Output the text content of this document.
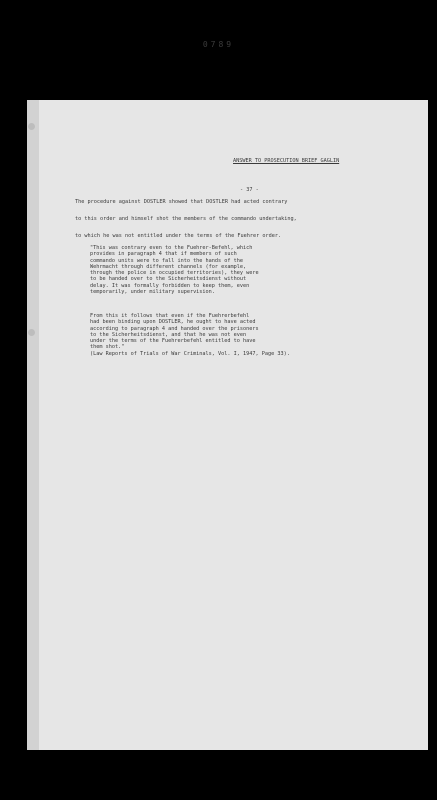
0789
ANSWER TO PROSECUTION BRIEF GAGLIN
- 37 -
The procedure against DOSTLER showed that DOSTLER had acted contrary
to this order and himself shot the members of the commando undertaking,
to which he was not entitled under the terms of the Fuehrer order.
"This was contrary even to the Fuehrer-Befehl, which
provides in paragraph 4 that if members of such
commando units were to fall into the hands of the
Wehrmacht through different channels (for example,
through the police in occupied territories), they were
to be handed over to the Sicherheitsdienst without
delay. It was formally forbidden to keep them, even
temporarily, under military supervision.
From this it follows that even if the Fuehrerbefehl
had been binding upon DOSTLER, he ought to have acted
according to paragraph 4 and handed over the prisoners
to the Sicherheitsdienst, and that he was not even
under the terms of the Fuehrerbefehl entitled to have
them shot."
(Law Reports of Trials of War Criminals, Vol. I, 1947, Page 33).
